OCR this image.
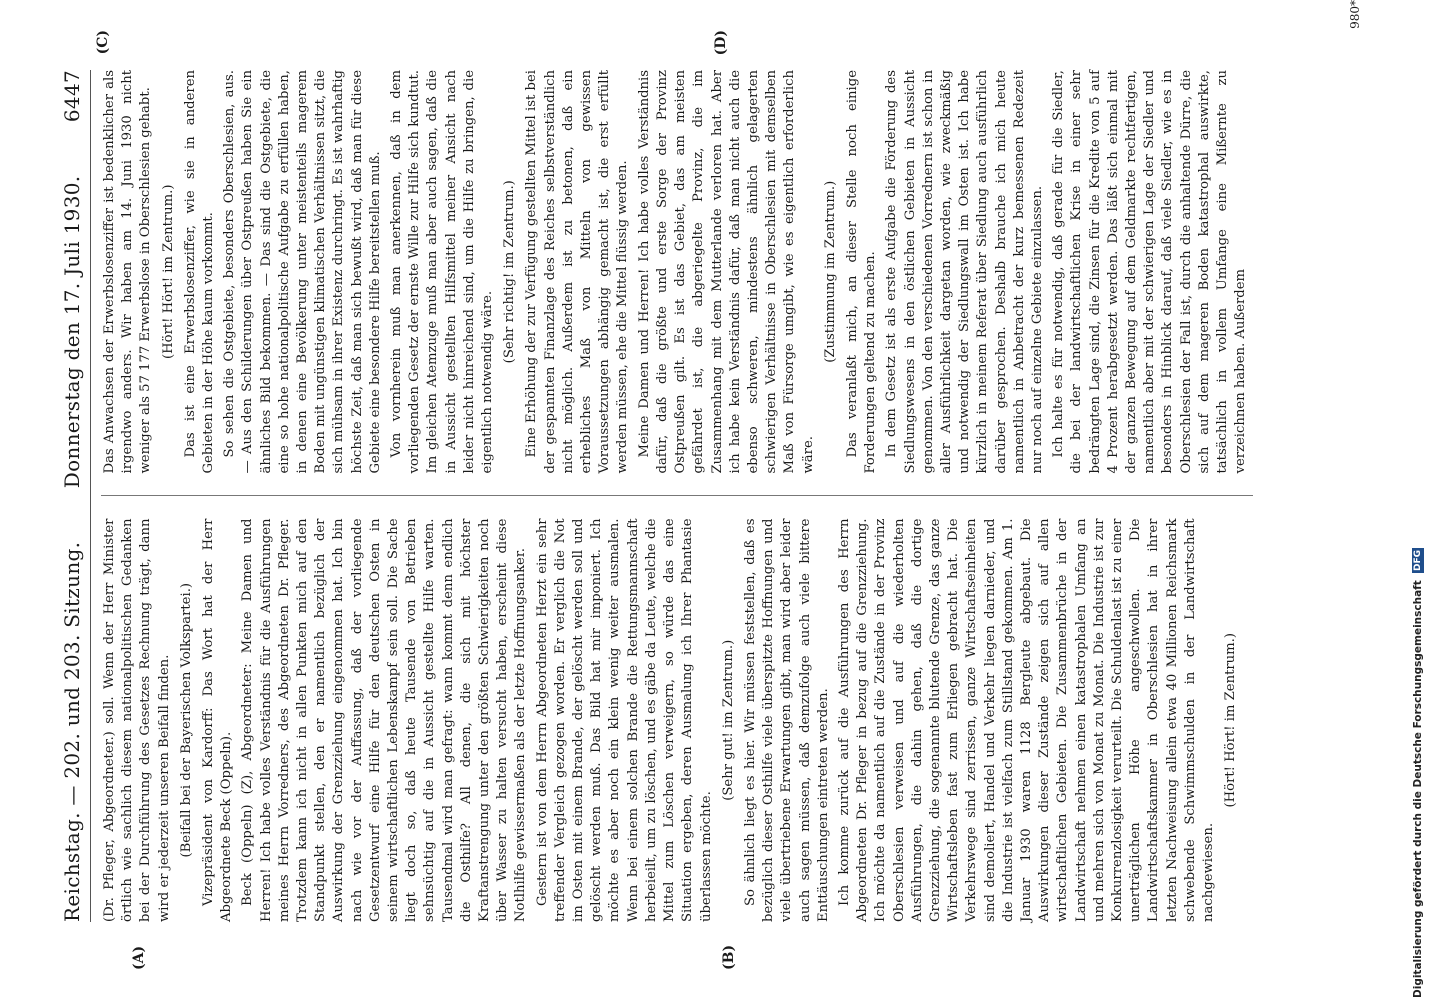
Reichstag. — 202. und 203. Sitzung.
Donnerstag den 17. Juli 1930.
6447
(A)	(B)

(Dr. Pfleger, Abgeordneter.) soll. Wenn der Herr Minister örtlich wie sachlich diesem nationalpolitischen Gedanken bei der Durchführung des Gesetzes Rechnung trägt, dann wird er jederzeit unseren Beifall finden. (Beifall bei der Bayerischen Volkspartei.) Vizepräsident von Kardorff: Das Wort hat der Herr Abgeordnete Beck (Oppeln). Beck (Oppeln) (Z), Abgeordneter: Meine Damen und Herren! Ich habe volles Verständnis für die Ausführungen meines Herrn Vorredners, des Abgeordneten Dr. Pfleger. Trotzdem kann ich nicht in allen Punkten mich auf den Standpunkt stellen, den er namentlich bezüglich der Auswirkung der Grenzziehung eingenommen hat. Ich bin nach wie vor der Auffassung, daß der vorliegende Gesetzentwurf eine Hilfe für den deutschen Osten in seinem wirtschaftlichen Lebenskampf sein soll. Die Sache liegt doch so, daß heute Tausende von Betrieben sehnsüchtig auf die in Aussicht gestellte Hilfe warten. Tausendmal wird man gefragt: wann kommt denn endlich die Osthilfe? All denen, die sich mit höchster Kraftanstrengung unter den größten Schwierigkeiten noch über Wasser zu halten versucht haben, erscheint diese Notlhilfe gewissermaßen als der letzte Hoffnungsanker. Gestern ist von dem Herrn Abgeordneten Herzt ein sehr treffender Vergleich gezogen worden. Er verglich die Not im Osten mit einem Brande, der gelöscht werden soll und gelöscht werden muß. Das Bild hat mir imponiert. Ich möchte es aber noch ein klein wenig weiter ausmalen. Wenn bei einem solchen Brande die Rettungsmannschaft herbeieilt, um zu löschen, und es gäbe da Leute, welche die Mittel zum Löschen verweigern, so würde das eine Situation ergeben, deren Ausmalung ich Ihrer Phantasie überlassen möchte.

(Sehr gut! im Zentrum.) So ähnlich liegt es hier. Wir müssen feststellen, daß es bezüglich dieser Osthilfe viele überspitzte Hoffnungen und viele übertriebene Erwartungen gibt, man wird aber leider auch sagen müssen, daß demzufolge auch viele bittere Enttäuschungen eintreten werden. Ich komme zurück auf die Ausführungen des Herrn Abgeordneten Dr. Pfleger in bezug auf die Grenzziehung. Ich möchte da namentlich auf die Zustände in der Provinz Oberschlesien verweisen und auf die wiederholten Ausführungen, die dahin gehen, daß die dortige Grenzziehung, die sogenannte blutende Grenze, das ganze Wirtschaftsleben fast zum Erliegen gebracht hat. Die Verkehrswege sind zerrissen, ganze Wirtschaftseinheiten sind demoliert, Handel und Verkehr liegen darnieder, und die Industrie ist vielfach zum Stillstand gekommen. Am 1. Januar 1930 waren 1128 Bergleute abgebaut. Die Auswirkungen dieser Zustände zeigen sich auf allen wirtschaftlichen Gebieten. Die Zusammenbrüche in der Landwirtschaft nehmen einen katastrophalen Umfang an und mehren sich von Monat zu Monat. Die Industrie ist zur Konkurrenzlosigkeit verurteilt. Die Schuldenlast ist zu einer unerträglichen Höhe angeschwollen. Die Landwirtschaftskammer in Oberschlesien hat in ihrer letzten Nachweisung allein etwa 40 Millionen Reichsmark schwebende Schwimmschulden in der Landwirtschaft nachgewiesen.

(Hört! Hört! im Zentrum.)

Das Anwachsen der Erwerbslosenziffer ist bedenklicher als irgendwo anders. Wir haben am 14. Juni 1930 nicht weniger als 57 177 Erwerbslose in Oberschlesien gehabt. (Hört! Hört! im Zentrum.) Das ist eine Erwerbslosenziffer, wie sie in anderen Gebieten in der Höhe kaum vorkommt. So sehen die Ostgebiete, besonders Oberschlesien, aus. — Aus den Schilderungen über Ostpreußen haben Sie ein ähnliches Bild bekommen. — Das sind die Ostgebiete, die eine so hohe nationalpolitische Aufgabe zu erfüllen haben, in denen eine Bevölkerung unter meistenteils magerem Boden mit ungünstigen klimatischen Verhältnissen sitzt, die sich mühsam in ihrer Existenz durchringt. Es ist wahrhaftig höchste Zeit, daß man sich bewußt wird, daß man für diese Gebiete eine besondere Hilfe bereitstellen muß. Von vornherein muß man anerkennen, daß in dem vorliegenden Gesetz der ernste Wille zur Hilfe sich kundtut. Im gleichen Atemzuge muß man aber auch sagen, daß die in Aussicht gestellten Hilfsmittel meiner Ansicht nach leider nicht hinreichend sind, um die Hilfe zu bringen, die eigentlich notwendig wäre.

(Sehr richtig! im Zentrum.) Eine Erhöhung der zur Verfügung gestellten Mittel ist bei der gespannten Finanzlage des Reiches selbstverständlich nicht möglich. Außerdem ist zu betonen, daß ein erhebliches Maß von Mitteln von gewissen Voraussetzungen abhängig gemacht ist, die erst erfüllt werden müssen, ehe die Mittel flüssig werden. Meine Damen und Herren! Ich habe volles Verständnis dafür, daß die größte und erste Sorge der Provinz Ostpreußen gilt. Es ist das Gebiet, das am meisten gefährdet ist, die abgeriegelte Provinz, die im Zusammenhang mit dem Mutterlande verloren hat. Aber ich habe kein Verständnis dafür, daß man nicht auch die ebenso schweren, mindestens ähnlich gelagerten schwierigen Verhältnisse in Oberschlesien mit demselben Maß von Fürsorge umgibt, wie es eigentlich erforderlich wäre.

(Zustimmung im Zentrum.) Das veranlaßt mich, an dieser Stelle noch einige Forderungen geltend zu machen. In dem Gesetz ist als erste Aufgabe die Förderung des Siedlungswesens in den östlichen Gebieten in Aussicht genommen. Von den verschiedenen Vorrednern ist schon in aller Ausführlichkeit dargetan worden, wie zweckmäßig und notwendig der Siedlungswall im Osten ist. Ich habe kürzlich in meinem Referat über Siedlung auch ausführlich darüber gesprochen. Deshalb brauche ich mich heute namentlich in Anbetracht der kurz bemessenen Redezeit nur noch auf einzelne Gebiete einzulassen. Ich halte es für notwendig, daß gerade für die Siedler, die bei der landwirtschaftlichen Krise in einer sehr bedrängten Lage sind, die Zinsen für die Kredite von 5 auf 4 Prozent herabgesetzt werden. Das läßt sich einmal mit der ganzen Bewegung auf dem Geldmarkte rechtfertigen, namentlich aber mit der schwierigen Lage der Siedler und besonders in Hinblick darauf, daß viele Siedler, wie es in Oberschlesien der Fall ist, durch die anhaltende Dürre, die sich auf dem mageren Boden katastrophal auswirkte, tatsächlich in vollem Umfange eine Mißernte zu verzeichnen haben. Außerdem

(C)	(D)
980*
Digitalisierung gefördert durch die Deutsche Forschungsgemeinschaft DFG
